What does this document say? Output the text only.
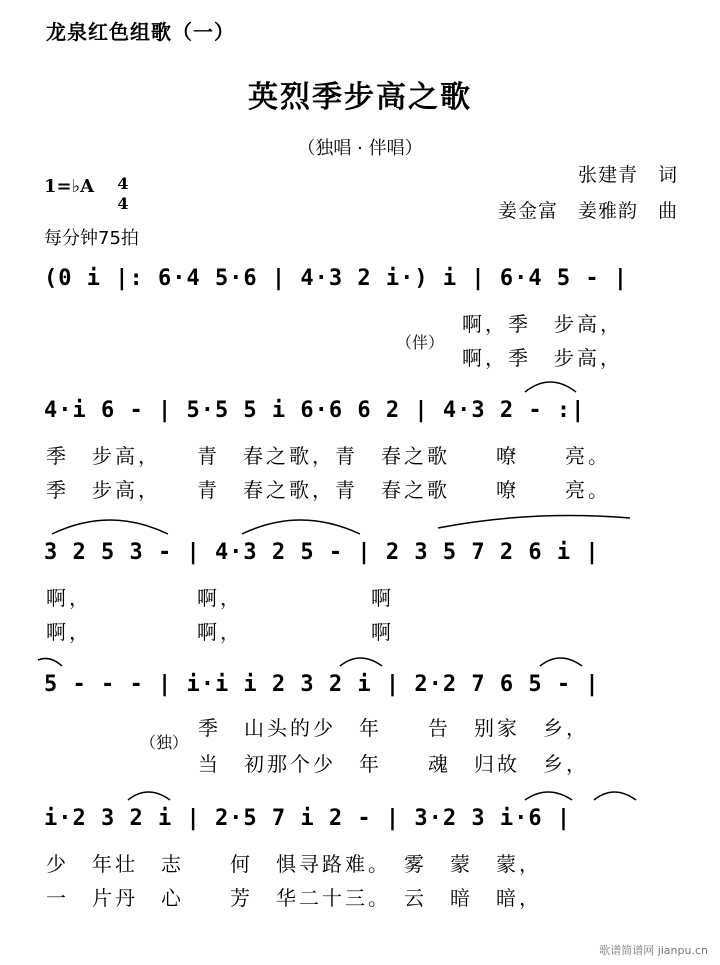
龙泉红色组歌（一）
英烈季步高之歌
（独唱 · 伴唱）
张建青　词
姜金富　姜雅韵　曲
1=♭A 4
4
每分钟75拍
(0 i |: 6·4 5·6 | 4·3 2 i·) i | 6·4 5 - |
（伴）
啊，季　步高，
啊，季　步高，
4·i 6 - | 5·5 5 i 6·6 6 2 | 4·3 2 - :|
季　步高，　　青　春之歌，青　春之歌　　嘹　　亮。
季　步高，　　青　春之歌，青　春之歌　　嘹　　亮。
3 2 5 3 - | 4·3 2 5 - | 2 3 5 7 2 6 i |
啊，　　　　　啊，　　　　　　啊
啊，　　　　　啊，　　　　　　啊
5 - - - | i·i i 2 3 2 i | 2·2 7 6 5 - |
（独）
季　山头的少　年　　告　别家　乡，
当　初那个少　年　　魂　归故　乡，
i·2 3 2 i | 2·5 7 i 2 - | 3·2 3 i·6 |
少　年壮　志　　何　惧寻路难。　雾　蒙　蒙，
一　片丹　心　　芳　华二十三。　云　暗　暗，
歌谱简谱网 jianpu.cn
